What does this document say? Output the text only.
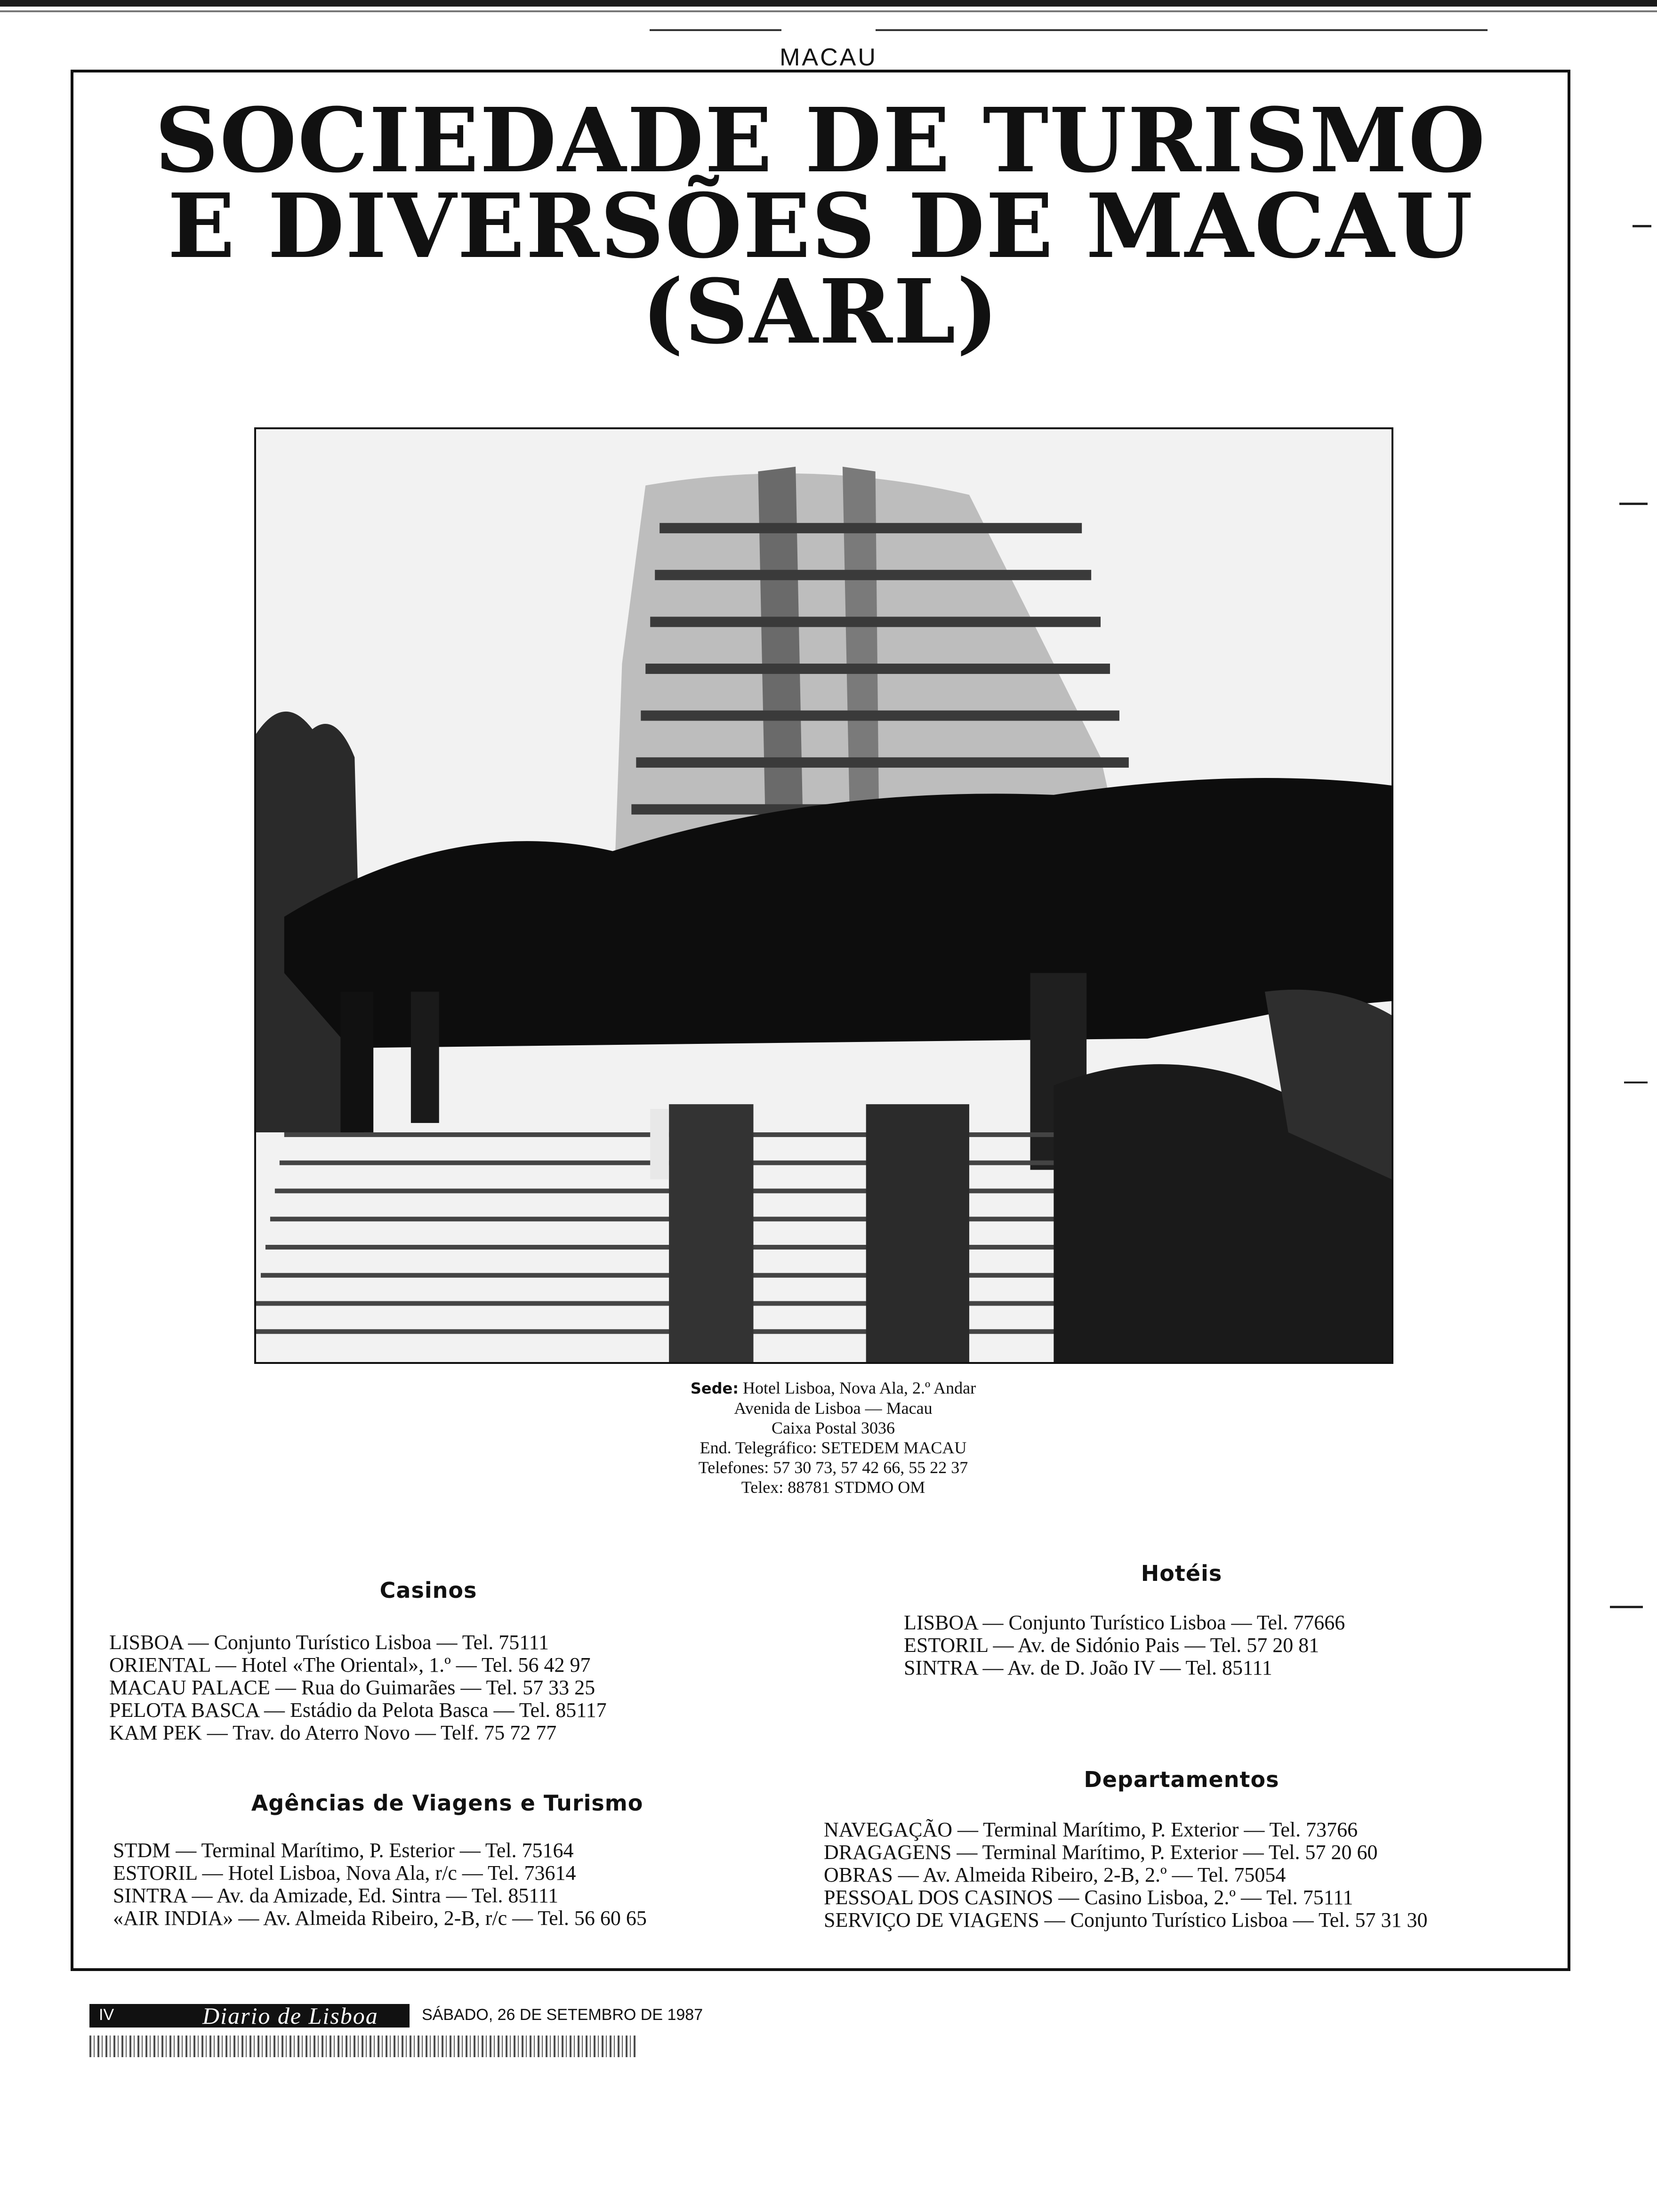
MACAU
SOCIEDADE DE TURISMO
E DIVERSÕES DE MACAU
(SARL)
Sede: Hotel Lisboa, Nova Ala, 2.º Andar
Avenida de Lisboa — Macau
Caixa Postal 3036
End. Telegráfico: SETEDEM MACAU
Telefones: 57 30 73, 57 42 66, 55 22 37
Telex: 88781 STDMO OM
Casinos
LISBOA — Conjunto Turístico Lisboa — Tel. 75111
ORIENTAL — Hotel «The Oriental», 1.º — Tel. 56 42 97
MACAU PALACE — Rua do Guimarães — Tel. 57 33 25
PELOTA BASCA — Estádio da Pelota Basca — Tel. 85117
KAM PEK — Trav. do Aterro Novo — Telf. 75 72 77
Hotéis
LISBOA — Conjunto Turístico Lisboa — Tel. 77666
ESTORIL — Av. de Sidónio Pais — Tel. 57 20 81
SINTRA — Av. de D. João IV — Tel. 85111
Agências de Viagens e Turismo
STDM — Terminal Marítimo, P. Esterior — Tel. 75164
ESTORIL — Hotel Lisboa, Nova Ala, r/c — Tel. 73614
SINTRA — Av. da Amizade, Ed. Sintra — Tel. 85111
«AIR INDIA» — Av. Almeida Ribeiro, 2-B, r/c — Tel. 56 60 65
Departamentos
NAVEGAÇÃO — Terminal Marítimo, P. Exterior — Tel. 73766
DRAGAGENS — Terminal Marítimo, P. Exterior — Tel. 57 20 60
OBRAS — Av. Almeida Ribeiro, 2-B, 2.º — Tel. 75054
PESSOAL DOS CASINOS — Casino Lisboa, 2.º — Tel. 75111
SERVIÇO DE VIAGENS — Conjunto Turístico Lisboa — Tel. 57 31 30
IV	Diario de Lisboa	SÁBADO, 26 DE SETEMBRO DE 1987
